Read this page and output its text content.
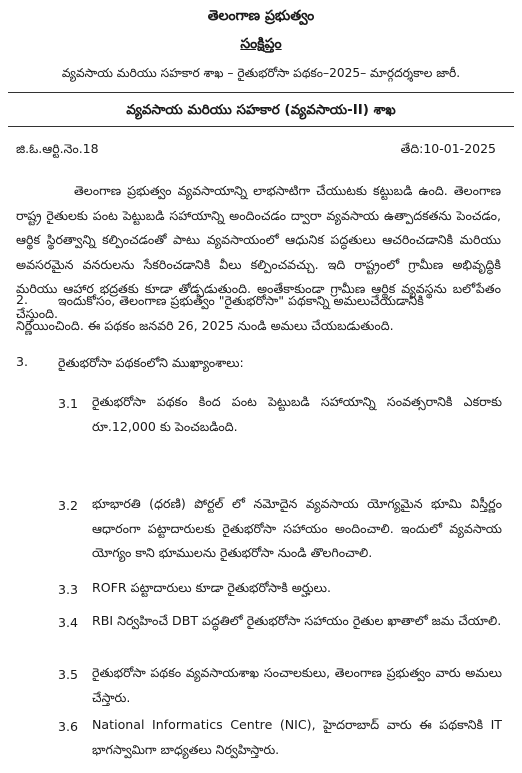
తెలంగాణ ప్రభుత్వం
సంక్షిప్తం
వ్యవసాయ మరియు సహకార శాఖ – రైతుభరోసా పథకం–2025– మార్గదర్శకాల జారీ.
వ్యవసాయ మరియు సహకార (వ్యవసాయ-II) శాఖ
జి.ఓ.ఆర్టి.నెం.18	తేది:10-01-2025
తెలంగాణ ప్రభుత్వం వ్యవసాయాన్ని లాభసాటిగా చేయుటకు కట్టుబడి ఉంది. తెలంగాణ రాష్ట్ర రైతులకు పంట పెట్టుబడి సహాయాన్ని అందించడం ద్వారా వ్యవసాయ ఉత్పాదకతను పెంచడం, ఆర్థిక స్థిరత్వాన్ని కల్పించడంతో పాటు వ్యవసాయంలో ఆధునిక పద్ధతులు ఆచరించడానికి మరియు అవసరమైన వనరులను సేకరించడానికి వీలు కల్పించవచ్చు. ఇది రాష్ట్రంలో గ్రామీణ అభివృద్ధికి మరియు ఆహార భద్రతకు కూడా తోడ్పడుతుంది. అంతేకాకుండా గ్రామీణ ఆర్థిక వ్యవస్థను బలోపేతం చేస్తుంది.
2. ఇందుకోసం, తెలంగాణ ప్రభుత్వం "రైతుభరోసా" పథకాన్ని అమలుచేయడానికి
నిర్ణయించింది. ఈ పథకం జనవరి 26, 2025 నుండి అమలు చేయబడుతుంది.
3. రైతుభరోసా పథకంలోని ముఖ్యాంశాలు:
3.1 రైతుభరోసా పథకం కింద పంట పెట్టుబడి సహాయాన్ని సంవత్సరానికి ఎకరాకు రూ.12,000 కు పెంచబడింది.
3.2 భూభారతి (ధరణి) పోర్టల్ లో నమోదైన వ్యవసాయ యోగ్యమైన భూమి విస్తీర్ణం ఆధారంగా పట్టాదారులకు రైతుభరోసా సహాయం అందించాలి. ఇందులో వ్యవసాయ యోగ్యం కాని భూములను రైతుభరోసా నుండి తొలగించాలి.
3.3 ROFR పట్టాదారులు కూడా రైతుభరోసాకి అర్హులు.
3.4 RBI నిర్వహించే DBT పద్ధతిలో రైతుభరోసా సహాయం రైతుల ఖాతాలో జమ చేయాలి.
3.5 రైతుభరోసా పథకం వ్యవసాయశాఖ సంచాలకులు, తెలంగాణ ప్రభుత్వం వారు అమలు చేస్తారు.
3.6 National Informatics Centre (NIC), హైదరాబాద్ వారు ఈ పథకానికి IT భాగస్వామిగా బాధ్యతలు నిర్వహిస్తారు.
